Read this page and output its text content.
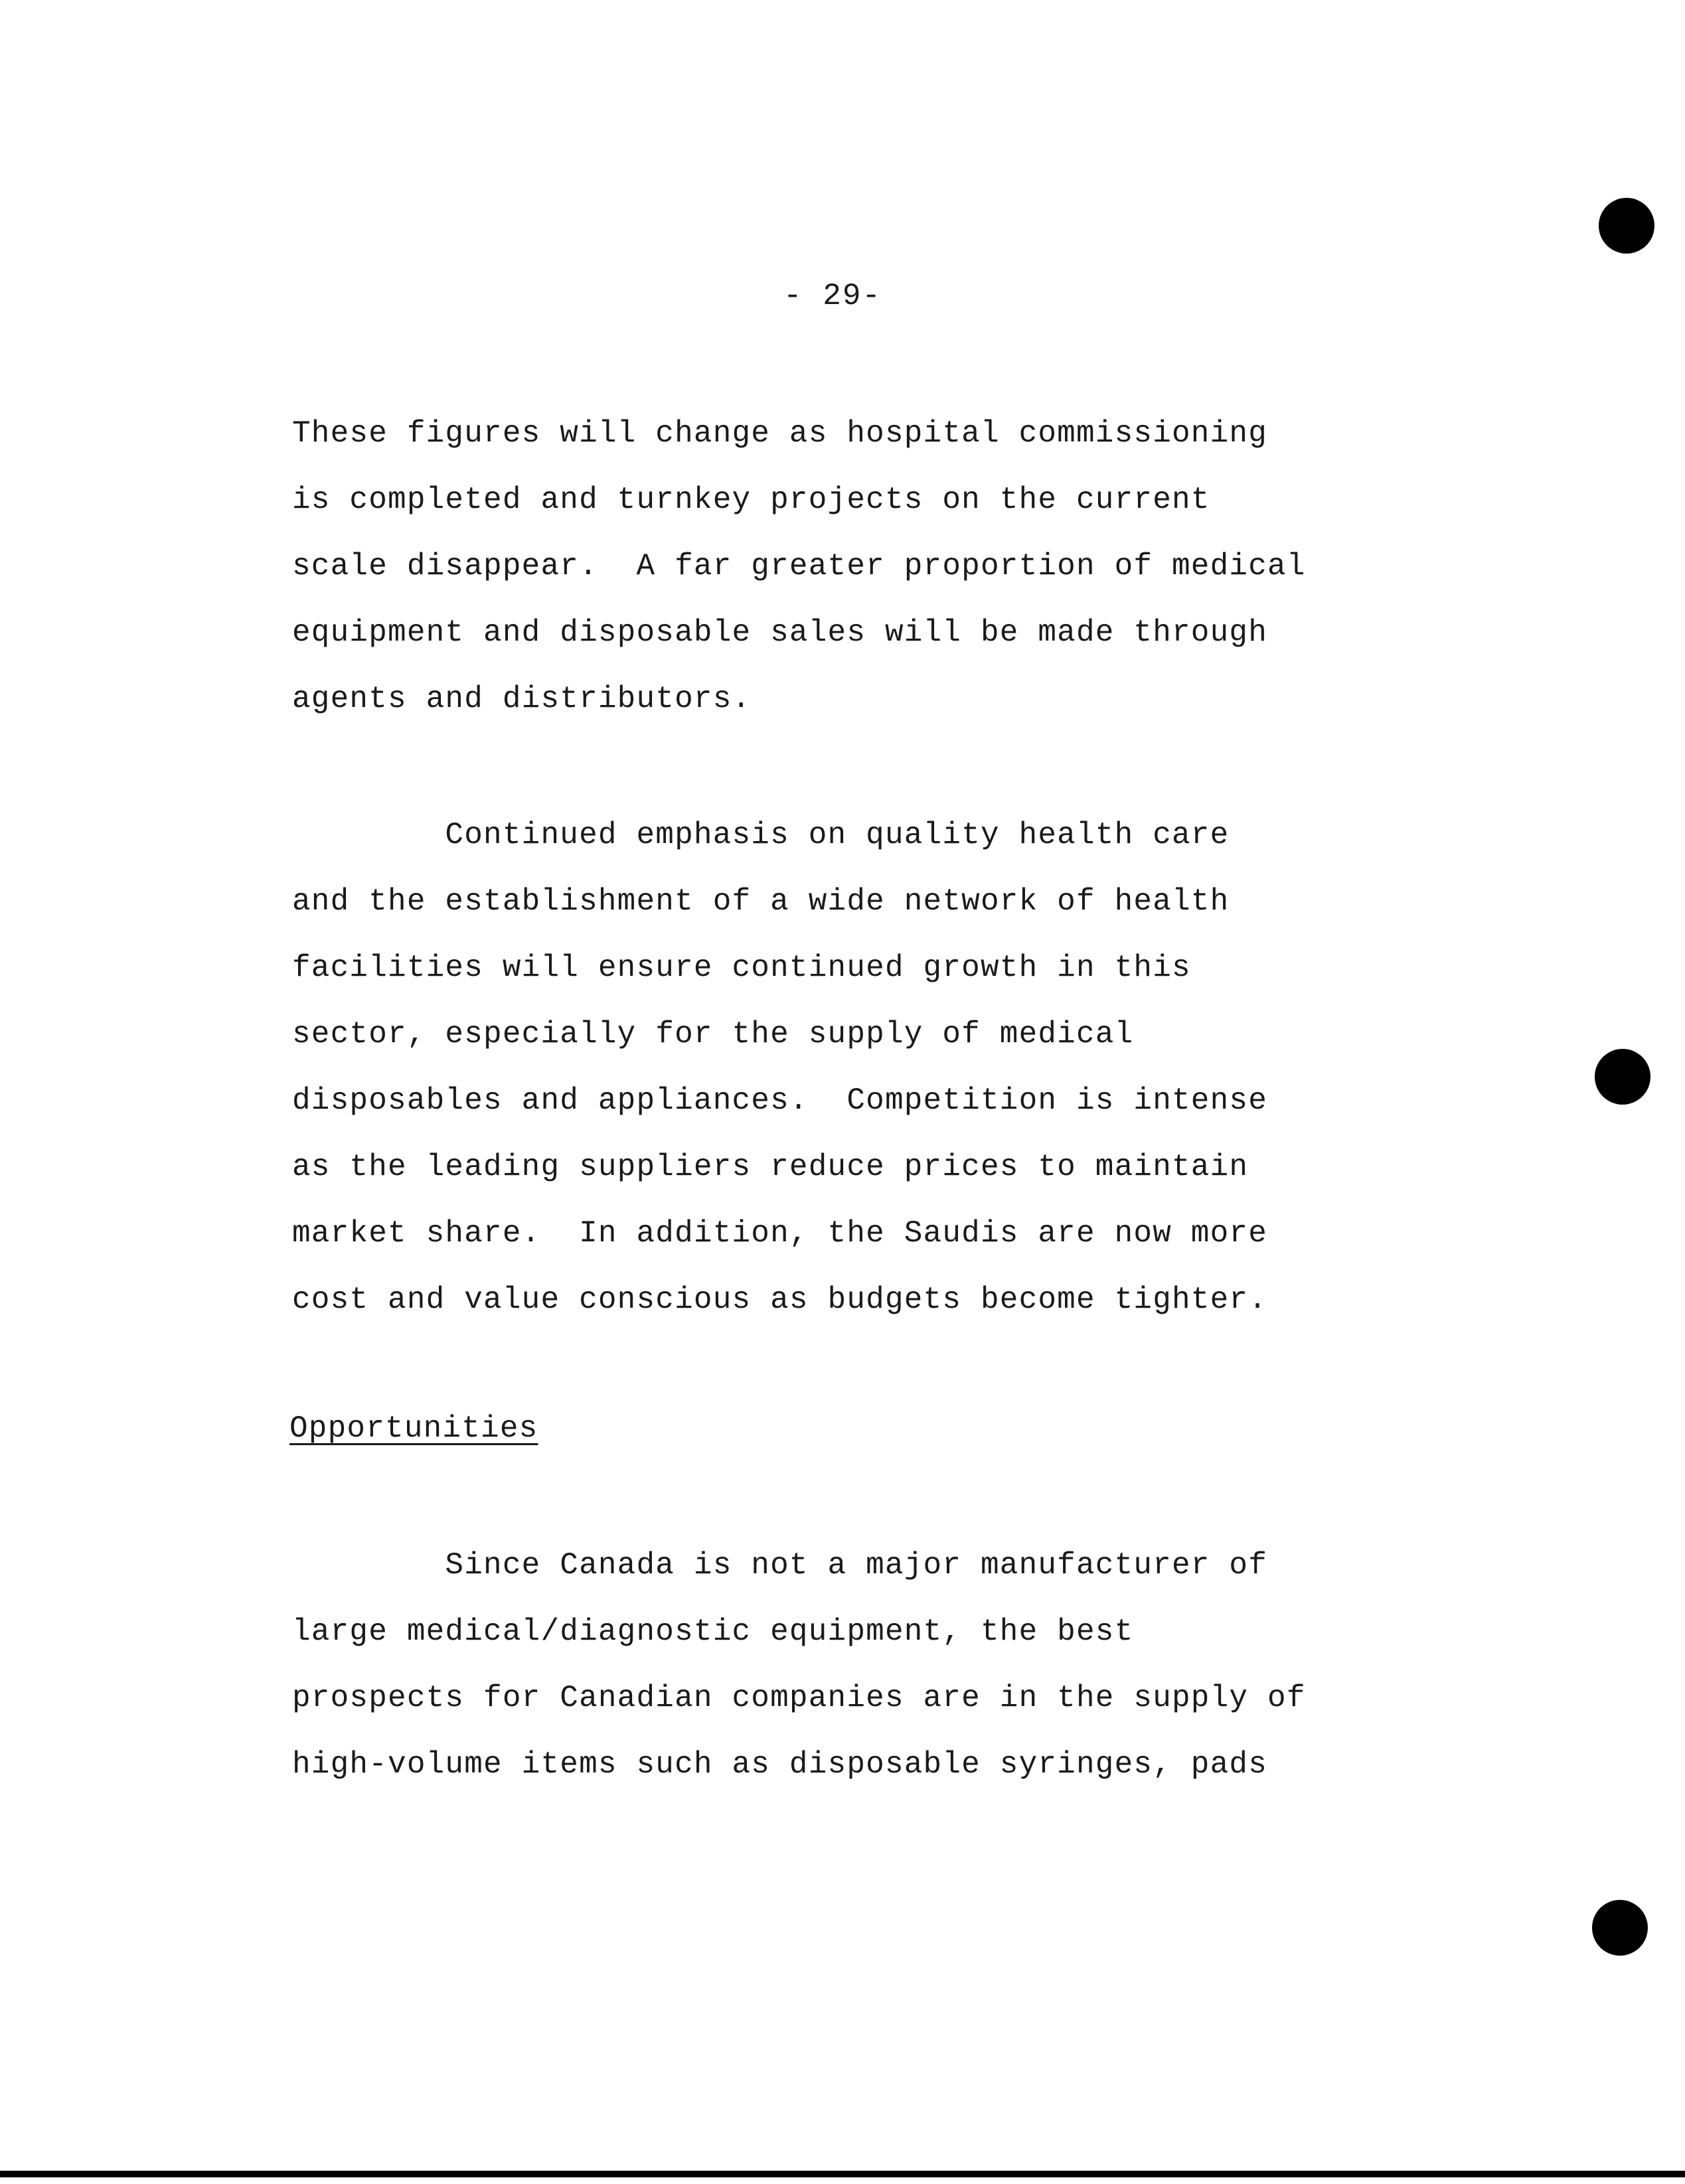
- 29-
These figures will change as hospital commissioning
is completed and turnkey projects on the current
scale disappear.  A far greater proportion of medical
equipment and disposable sales will be made through
agents and distributors.
Continued emphasis on quality health care
and the establishment of a wide network of health
facilities will ensure continued growth in this
sector, especially for the supply of medical
disposables and appliances.  Competition is intense
as the leading suppliers reduce prices to maintain
market share.  In addition, the Saudis are now more
cost and value conscious as budgets become tighter.
Opportunities
Since Canada is not a major manufacturer of
large medical/diagnostic equipment, the best
prospects for Canadian companies are in the supply of
high-volume items such as disposable syringes, pads
